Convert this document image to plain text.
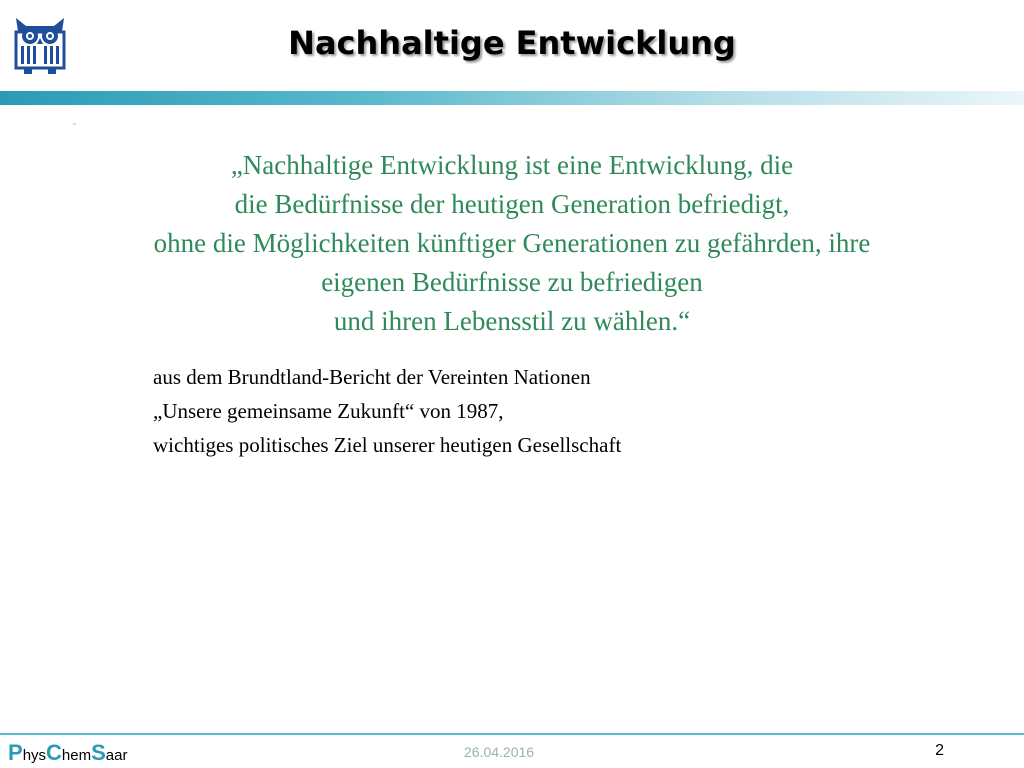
Nachhaltige Entwicklung
„Nachhaltige Entwicklung ist eine Entwicklung, die
die Bedürfnisse der heutigen Generation befriedigt,
ohne die Möglichkeiten künftiger Generationen zu gefährden, ihre
eigenen Bedürfnisse zu befriedigen
und ihren Lebensstil zu wählen.“
aus dem Brundtland-Bericht der Vereinten Nationen
„Unsere gemeinsame Zukunft“ von 1987,
wichtiges politisches Ziel unserer heutigen Gesellschaft
PhysChemSaar	26.04.2016	2
